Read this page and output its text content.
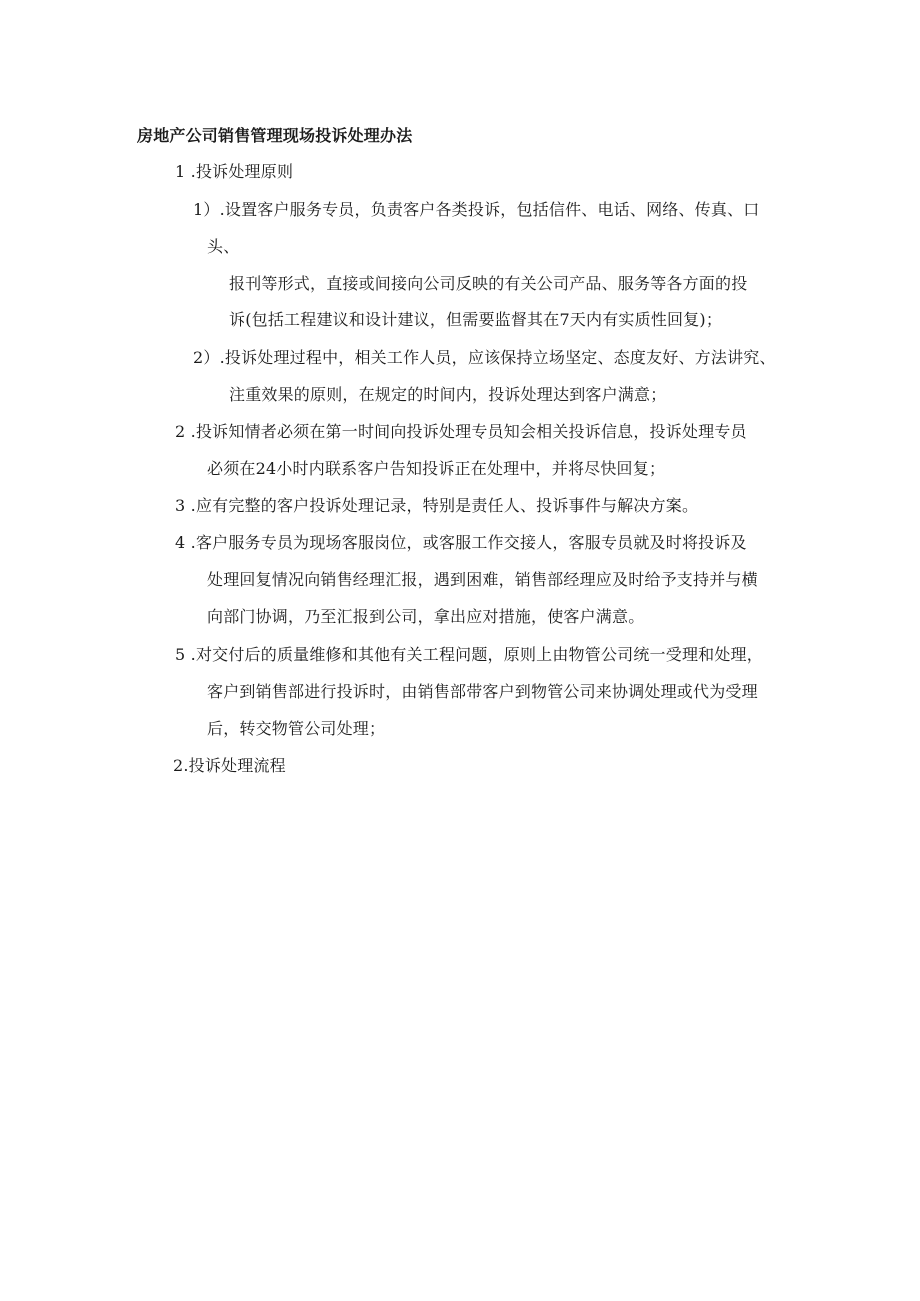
房地产公司销售管理现场投诉处理办法
1 .投诉处理原则
1）.设置客户服务专员，负责客户各类投诉，包括信件、电话、网络、传真、口
头、
报刊等形式，直接或间接向公司反映的有关公司产品、服务等各方面的投
诉(包括工程建议和设计建议，但需要监督其在7天内有实质性回复)；
2）.投诉处理过程中，相关工作人员，应该保持立场坚定、态度友好、方法讲究、
注重效果的原则，在规定的时间内，投诉处理达到客户满意；
2 .投诉知情者必须在第一时间向投诉处理专员知会相关投诉信息，投诉处理专员
必须在24小时内联系客户告知投诉正在处理中，并将尽快回复；
3 .应有完整的客户投诉处理记录，特别是责任人、投诉事件与解决方案。
4 .客户服务专员为现场客服岗位，或客服工作交接人，客服专员就及时将投诉及
处理回复情况向销售经理汇报，遇到困难，销售部经理应及时给予支持并与横
向部门协调，乃至汇报到公司，拿出应对措施，使客户满意。
5 .对交付后的质量维修和其他有关工程问题，原则上由物管公司统一受理和处理，
客户到销售部进行投诉时，由销售部带客户到物管公司来协调处理或代为受理
后，转交物管公司处理；
2.投诉处理流程
